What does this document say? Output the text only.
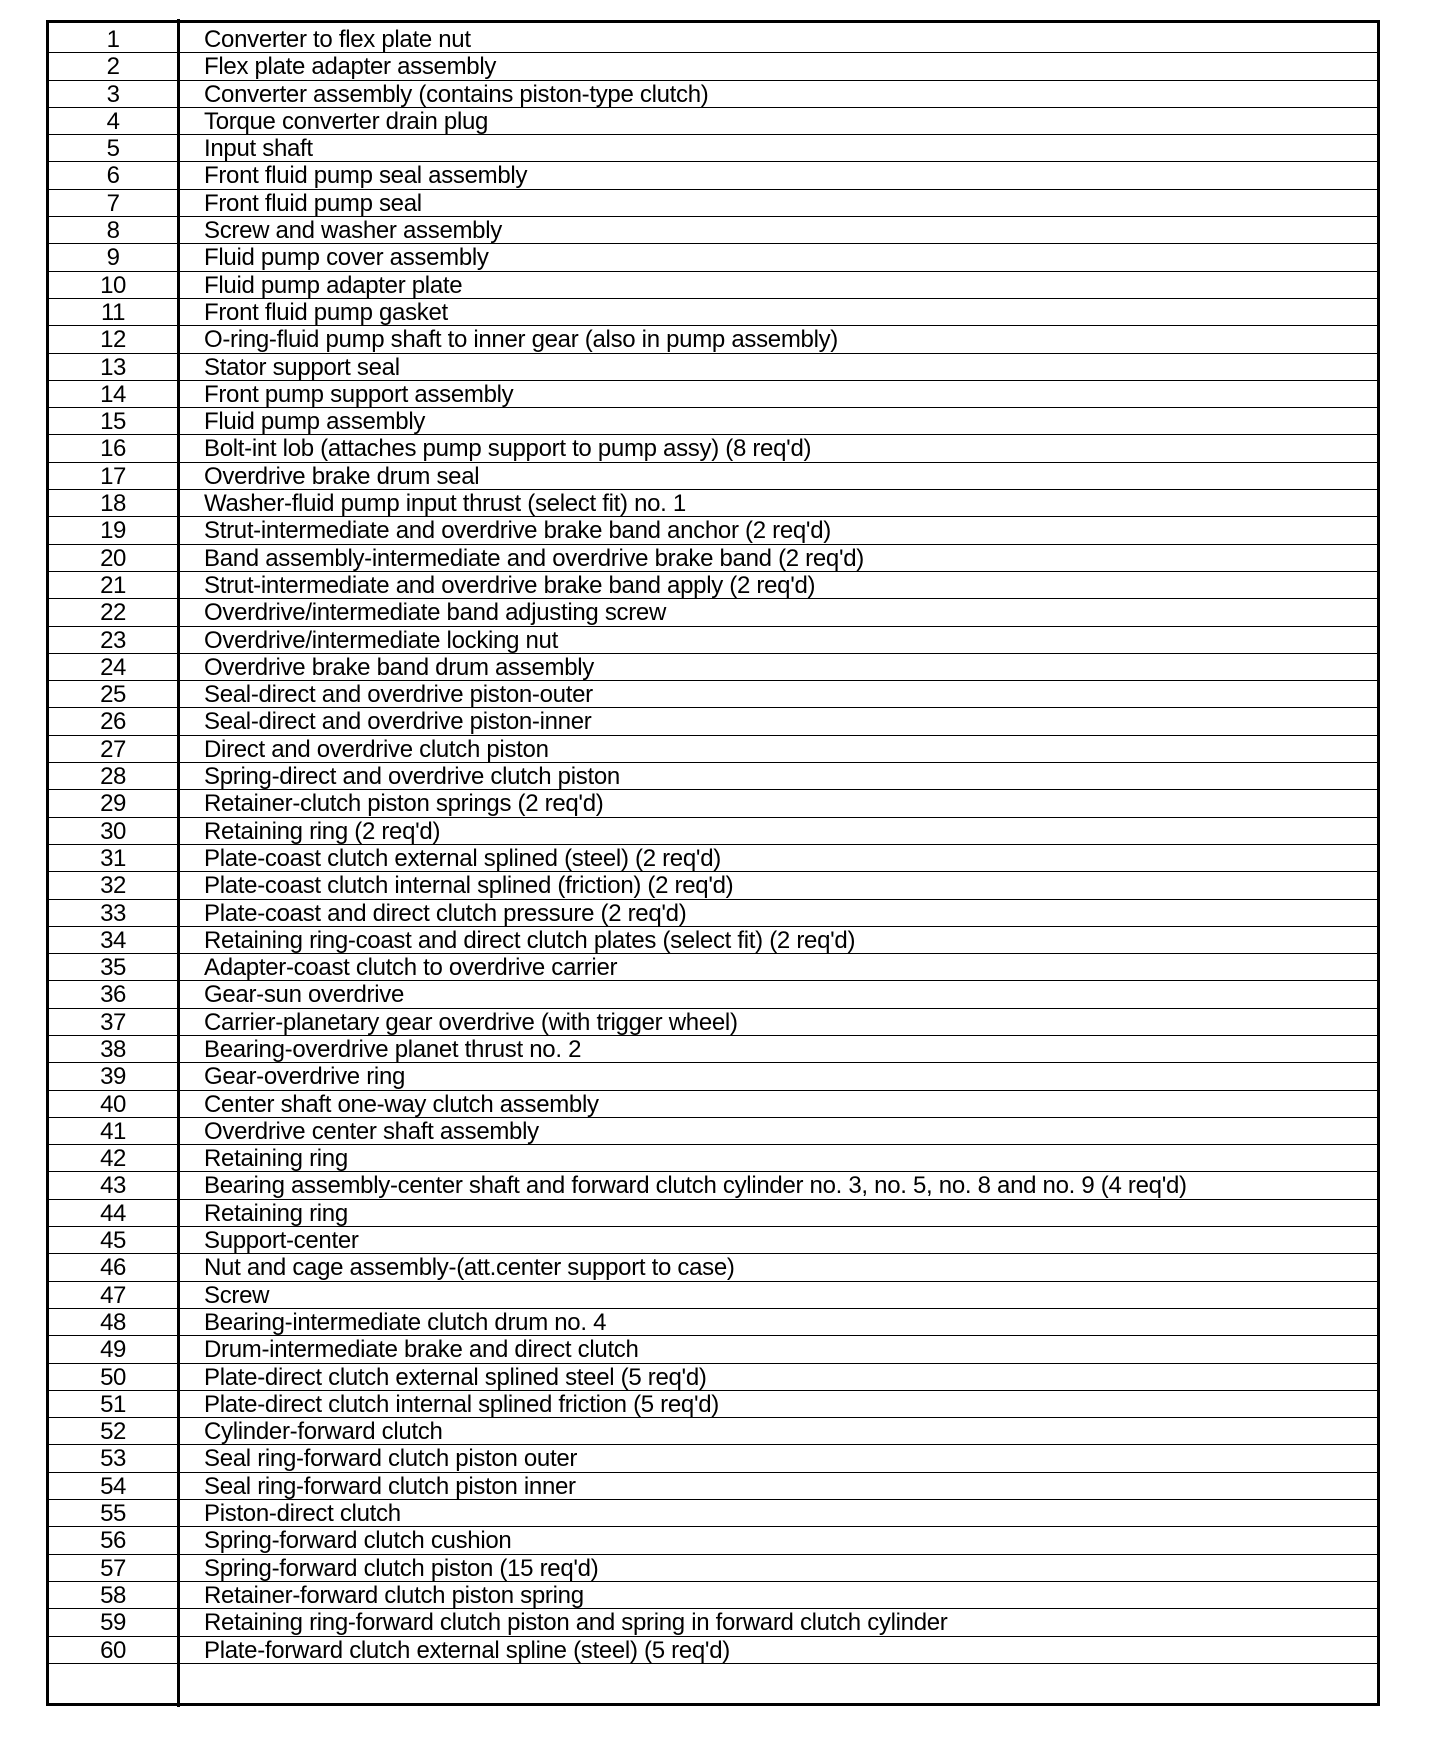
1	Converter to flex plate nut
2	Flex plate adapter assembly
3	Converter assembly (contains piston-type clutch)
4	Torque converter drain plug
5	Input shaft
6	Front fluid pump seal assembly
7	Front fluid pump seal
8	Screw and washer assembly
9	Fluid pump cover assembly
10	Fluid pump adapter plate
11	Front fluid pump gasket
12	O-ring-fluid pump shaft to inner gear (also in pump assembly)
13	Stator support seal
14	Front pump support assembly
15	Fluid pump assembly
16	Bolt-int lob (attaches pump support to pump assy) (8 req'd)
17	Overdrive brake drum seal
18	Washer-fluid pump input thrust (select fit) no. 1
19	Strut-intermediate and overdrive brake band anchor (2 req'd)
20	Band assembly-intermediate and overdrive brake band (2 req'd)
21	Strut-intermediate and overdrive brake band apply (2 req'd)
22	Overdrive/intermediate band adjusting screw
23	Overdrive/intermediate locking nut
24	Overdrive brake band drum assembly
25	Seal-direct and overdrive piston-outer
26	Seal-direct and overdrive piston-inner
27	Direct and overdrive clutch piston
28	Spring-direct and overdrive clutch piston
29	Retainer-clutch piston springs (2 req'd)
30	Retaining ring (2 req'd)
31	Plate-coast clutch external splined (steel) (2 req'd)
32	Plate-coast clutch internal splined (friction) (2 req'd)
33	Plate-coast and direct clutch pressure (2 req'd)
34	Retaining ring-coast and direct clutch plates (select fit) (2 req'd)
35	Adapter-coast clutch to overdrive carrier
36	Gear-sun overdrive
37	Carrier-planetary gear overdrive (with trigger wheel)
38	Bearing-overdrive planet thrust no. 2
39	Gear-overdrive ring
40	Center shaft one-way clutch assembly
41	Overdrive center shaft assembly
42	Retaining ring
43	Bearing assembly-center shaft and forward clutch cylinder no. 3, no. 5, no. 8 and no. 9 (4 req'd)
44	Retaining ring
45	Support-center
46	Nut and cage assembly-(att.center support to case)
47	Screw
48	Bearing-intermediate clutch drum no. 4
49	Drum-intermediate brake and direct clutch
50	Plate-direct clutch external splined steel (5 req'd)
51	Plate-direct clutch internal splined friction (5 req'd)
52	Cylinder-forward clutch
53	Seal ring-forward clutch piston outer
54	Seal ring-forward clutch piston inner
55	Piston-direct clutch
56	Spring-forward clutch cushion
57	Spring-forward clutch piston (15 req'd)
58	Retainer-forward clutch piston spring
59	Retaining ring-forward clutch piston and spring in forward clutch cylinder
60	Plate-forward clutch external spline (steel) (5 req'd)
